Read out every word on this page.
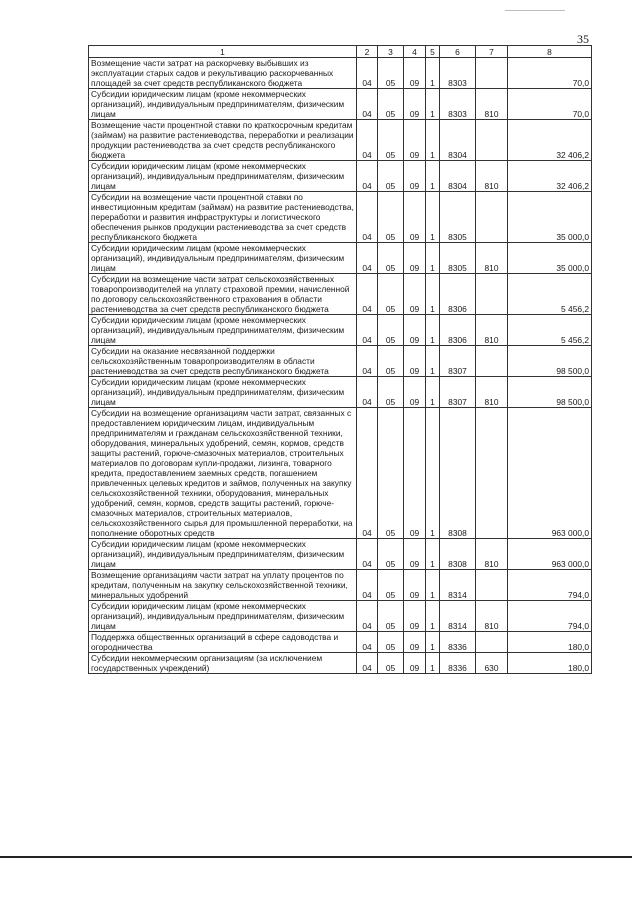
35
1	2	3	4	5	6	7	8
Возмещение части затрат на раскорчевку выбывших из эксплуатации старых садов и рекультивацию раскорчеванных площадей за счет средств республиканского бюджета	04	05	09	1	8303		70,0
Субсидии юридическим лицам (кроме некоммерческих организаций), индивидуальным предпринимателям, физическим лицам	04	05	09	1	8303	810	70,0
Возмещение части процентной ставки по краткосрочным кредитам (займам) на развитие растениеводства, переработки и реализации продукции растениеводства за счет средств республиканского бюджета	04	05	09	1	8304		32 406,2
Субсидии юридическим лицам (кроме некоммерческих организаций), индивидуальным предпринимателям, физическим лицам	04	05	09	1	8304	810	32 406,2
Субсидии на возмещение части процентной ставки по инвестиционным кредитам (займам) на развитие растениеводства, переработки и развития инфраструктуры и логистического обеспечения рынков продукции растениеводства за счет средств республиканского бюджета	04	05	09	1	8305		35 000,0
Субсидии юридическим лицам (кроме некоммерческих организаций), индивидуальным предпринимателям, физическим лицам	04	05	09	1	8305	810	35 000,0
Субсидии на возмещение части затрат сельскохозяйственных товаропроизводителей на уплату страховой премии, начисленной по договору сельскохозяйственного страхования в области растениеводства за счет средств республиканского бюджета	04	05	09	1	8306		5 456,2
Субсидии юридическим лицам (кроме некоммерческих организаций), индивидуальным предпринимателям, физическим лицам	04	05	09	1	8306	810	5 456,2
Субсидии на оказание несвязанной поддержки сельскохозяйственным товаропроизводителям в области растениеводства за счет средств республиканского бюджета	04	05	09	1	8307		98 500,0
Субсидии юридическим лицам (кроме некоммерческих организаций), индивидуальным предпринимателям, физическим лицам	04	05	09	1	8307	810	98 500,0
Субсидии на возмещение организациям части затрат, связанных с предоставлением юридическим лицам, индивидуальным предпринимателям и гражданам сельскохозяйственной техники, оборудования, минеральных удобрений, семян, кормов, средств защиты растений, горюче-смазочных материалов, строительных материалов по договорам купли-продажи, лизинга, товарного кредита, предоставлением заемных средств, погашением привлеченных целевых кредитов и займов, полученных на закупку сельскохозяйственной техники, оборудования, минеральных удобрений, семян, кормов, средств защиты растений, горюче-смазочных материалов, строительных материалов, сельскохозяйственного сырья для промышленной переработки, на пополнение оборотных средств	04	05	09	1	8308		963 000,0
Субсидии юридическим лицам (кроме некоммерческих организаций), индивидуальным предпринимателям, физическим лицам	04	05	09	1	8308	810	963 000,0
Возмещение организациям части затрат на уплату процентов по кредитам, полученным на закупку сельскохозяйственной техники, минеральных удобрений	04	05	09	1	8314		794,0
Субсидии юридическим лицам (кроме некоммерческих организаций), индивидуальным предпринимателям, физическим лицам	04	05	09	1	8314	810	794,0
Поддержка общественных организаций в сфере садоводства и огородничества	04	05	09	1	8336		180,0
Субсидии некоммерческим организациям (за исключением государственных учреждений)	04	05	09	1	8336	630	180,0
